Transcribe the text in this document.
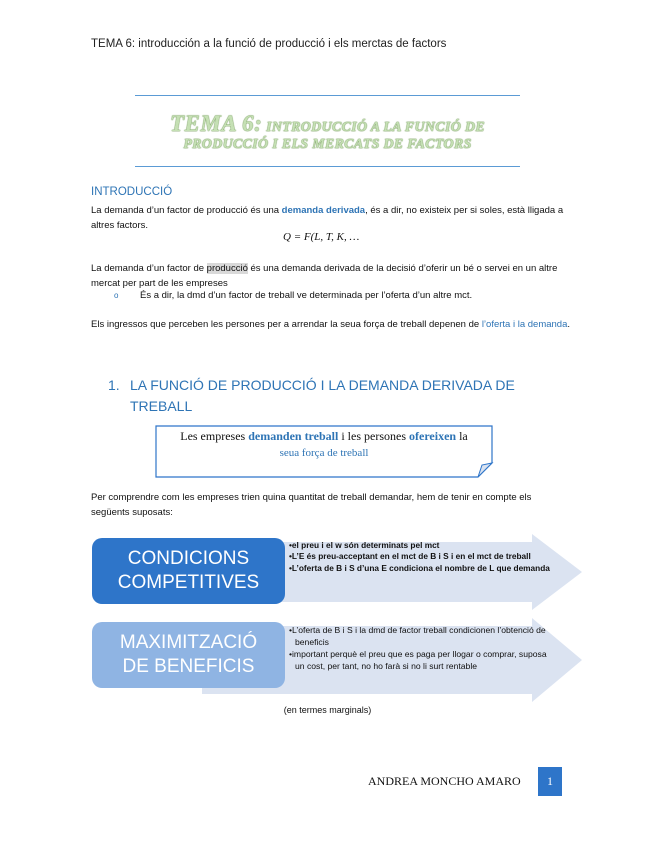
TEMA 6: introducción a la funció de producció i els merctas de factors
TEMA 6: INTRODUCCIÓ A LA FUNCIÓ DE
PRODUCCIÓ I ELS MERCATS DE FACTORS
INTRODUCCIÓ
La demanda d’un factor de producció és una demanda derivada, és a dir, no existeix per si soles, està lligada a altres factors.
Q = F(L, T, K, …
La demanda d’un factor de producció és una demanda derivada de la decisió d’oferir un bé o servei en un altre mercat per part de les empreses
o És a dir, la dmd d’un factor de treball ve determinada per l’oferta d’un altre mct.
Els ingressos que perceben les persones per a arrendar la seua força de treball depenen de l’oferta i la demanda.
1. LA FUNCIÓ DE PRODUCCIÓ I LA DEMANDA DERIVADA DE
TREBALL
Les empreses demanden treball i les persones ofereixen la
seua força de treball
Per comprendre com les empreses trien quina quantitat de treball demandar, hem de tenir en compte els següents suposats:
CONDICIONS
COMPETITIVES
•el preu i el w són determinats pel mct
•L’E és preu-acceptant en el mct de B i S i en el mct de treball
•L’oferta de B i S d’una E condiciona el nombre de L que demanda
MAXIMITZACIÓ
DE BENEFICIS
•L’oferta de B i S i la dmd de factor treball condicionen l’obtenció de beneficis
•important perquè el preu que es paga per llogar o comprar, suposa un cost, per tant, no ho farà si no li surt rentable
(en termes marginals)
ANDREA MONCHO AMARO	1
